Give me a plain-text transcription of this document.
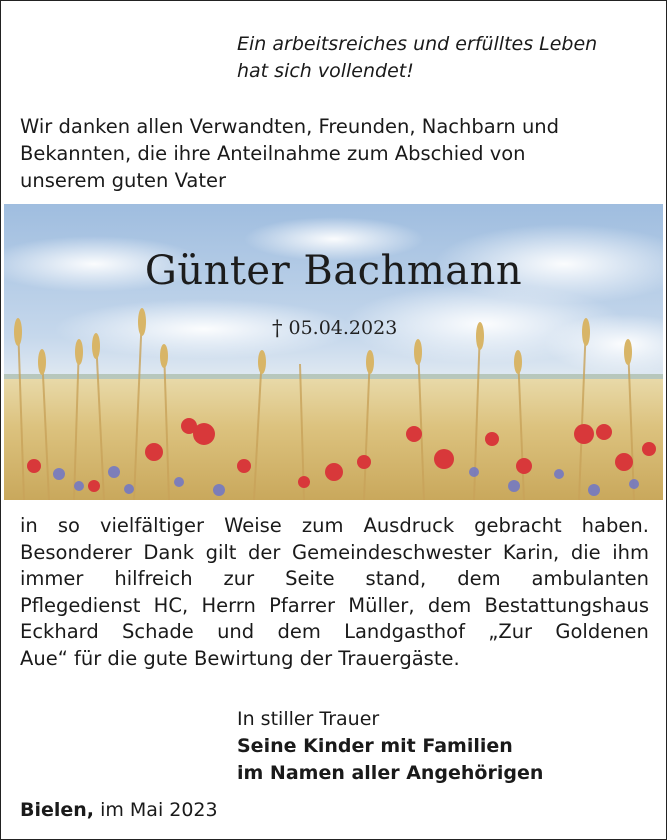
Ein arbeitsreiches und erfülltes Leben
hat sich vollendet!
Wir danken allen Verwandten, Freunden, Nachbarn und
Bekannten, die ihre Anteilnahme zum Abschied von
unserem guten Vater
Günter Bachmann
† 05.04.2023
in so vielfältiger Weise zum Ausdruck gebracht haben.
Besonderer Dank gilt der Gemeindeschwester Karin, die ihm
immer hilfreich zur Seite stand, dem ambulanten
Pflegedienst HC, Herrn Pfarrer Müller, dem Bestattungshaus
Eckhard Schade und dem Landgasthof „Zur Goldenen
Aue“ für die gute Bewirtung der Trauergäste.
In stiller Trauer
Seine Kinder mit Familien
im Namen aller Angehörigen
Bielen, im Mai 2023
